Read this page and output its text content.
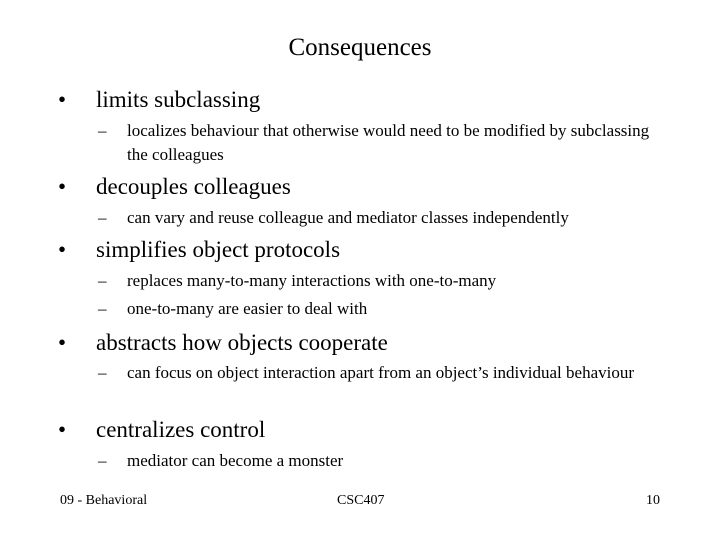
Consequences
• limits subclassing
– localizes behaviour that otherwise would need to be modified by subclassing the colleagues
• decouples colleagues
– can vary and reuse colleague and mediator classes independently
• simplifies object protocols
– replaces many-to-many interactions with one-to-many
– one-to-many are easier to deal with
• abstracts how objects cooperate
– can focus on object interaction apart from an object’s individual behaviour
• centralizes control
– mediator can become a monster
09 - Behavioral	CSC407	10
